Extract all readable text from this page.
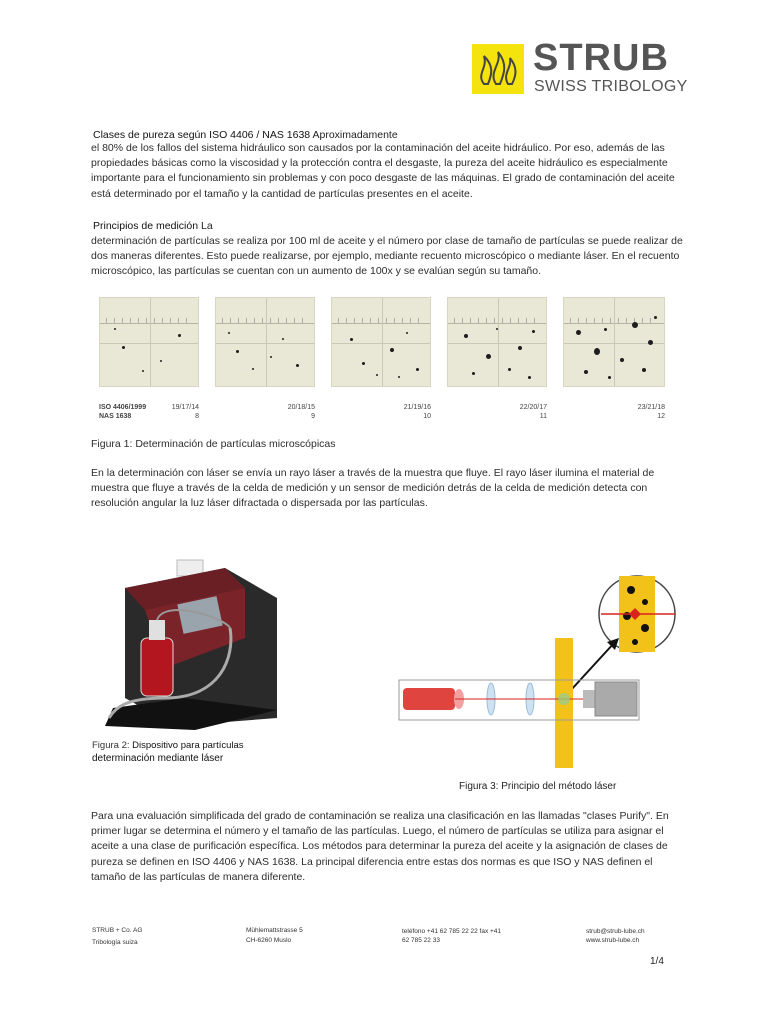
STRUB
SWISS TRIBOLOGY
Clases de pureza según ISO 4406 / NAS 1638 Aproximadamente
el 80% de los fallos del sistema hidráulico son causados por la contaminación del aceite hidráulico. Por eso, además de las propiedades básicas como la viscosidad y la protección contra el desgaste, la pureza del aceite hidráulico es especialmente importante para el funcionamiento sin problemas y con poco desgaste de las máquinas. El grado de contaminación del aceite está determinado por el tamaño y la cantidad de partículas presentes en el aceite.
Principios de medición La
determinación de partículas se realiza por 100 ml de aceite y el número por clase de tamaño de partículas se puede realizar de dos maneras diferentes. Esto puede realizarse, por ejemplo, mediante recuento microscópico o mediante láser. En el recuento microscópico, las partículas se cuentan con un aumento de 100x y se evalúan según su tamaño.
ISO 4406/1999
NAS 1638
19/17/14
8
20/18/15
9
21/19/16
10
22/20/17
11
23/21/18
12
Figura 1: Determinación de partículas microscópicas
En la determinación con láser se envía un rayo láser a través de la muestra que fluye. El rayo láser ilumina el material de muestra que fluye a través de la celda de medición y un sensor de medición detrás de la celda de medición detecta con resolución angular la luz láser difractada o dispersada por las partículas.
Figura 2: Dispositivo para partículas
determinación mediante láser
Figura 3: Principio del método láser
Para una evaluación simplificada del grado de contaminación se realiza una clasificación en las llamadas "clases Purify". En primer lugar se determina el número y el tamaño de las partículas. Luego, el número de partículas se utiliza para asignar el aceite a una clase de purificación específica. Los métodos para determinar la pureza del aceite y la asignación de clases de pureza se definen en ISO 4406 y NAS 1638. La principal diferencia entre estas dos normas es que ISO y NAS definen el tamaño de las partículas de manera diferente.
STRUB + Co. AG
Tribología suiza
Mühlemattstrasse 5
CH-6260 Muslo
teléfono +41 62 785 22 22 fax +41
62 785 22 33
strub@strub-lube.ch
www.strub-lube.ch
1/4
